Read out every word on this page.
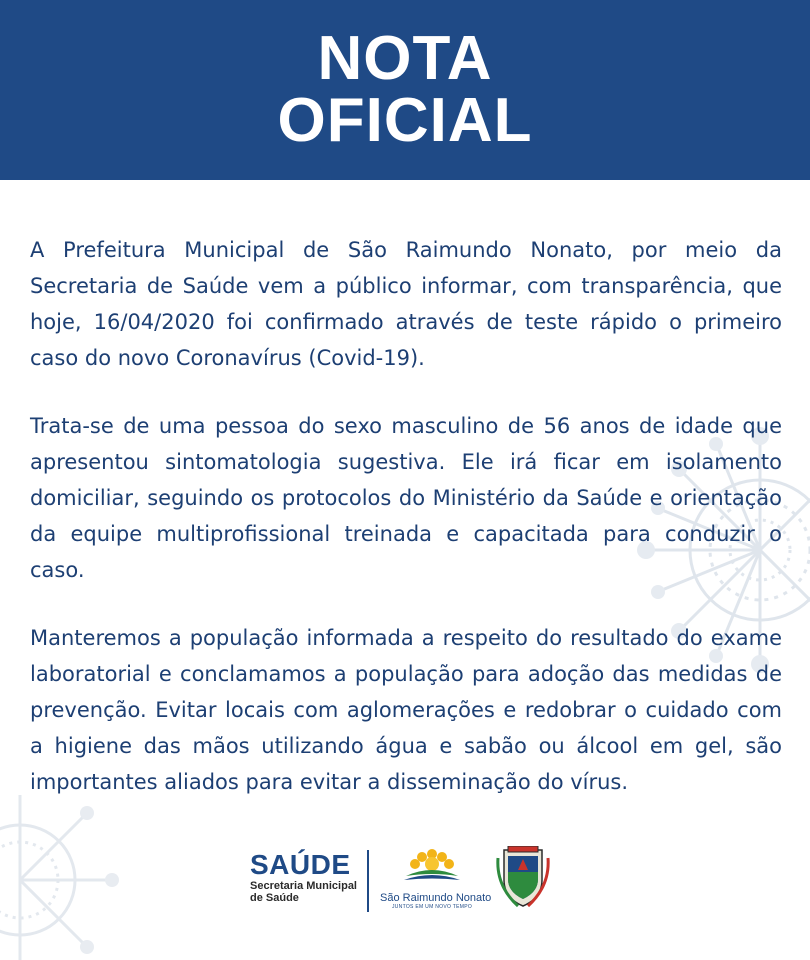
NOTA
OFICIAL

A Prefeitura Municipal de São Raimundo Nonato, por meio da Secretaria de Saúde vem a público informar, com transparência, que hoje, 16/04/2020 foi confirmado através de teste rápido o primeiro caso do novo Coronavírus (Covid-19).

Trata-se de uma pessoa do sexo masculino de 56 anos de idade que apresentou sintomatologia sugestiva. Ele irá ficar em isolamento domiciliar, seguindo os protocolos do Ministério da Saúde e orientação da equipe multiprofissional treinada e capacitada para conduzir o caso.

Manteremos a população informada a respeito do resultado do exame laboratorial e conclamamos a população para adoção das medidas de prevenção. Evitar locais com aglomerações e redobrar o cuidado com a higiene das mãos utilizando água e sabão ou álcool em gel, são importantes aliados para evitar a disseminação do vírus.

SAÚDE
Secretaria Municipal
de Saúde	São Raimundo Nonato
JUNTOS EM UM NOVO TEMPO
